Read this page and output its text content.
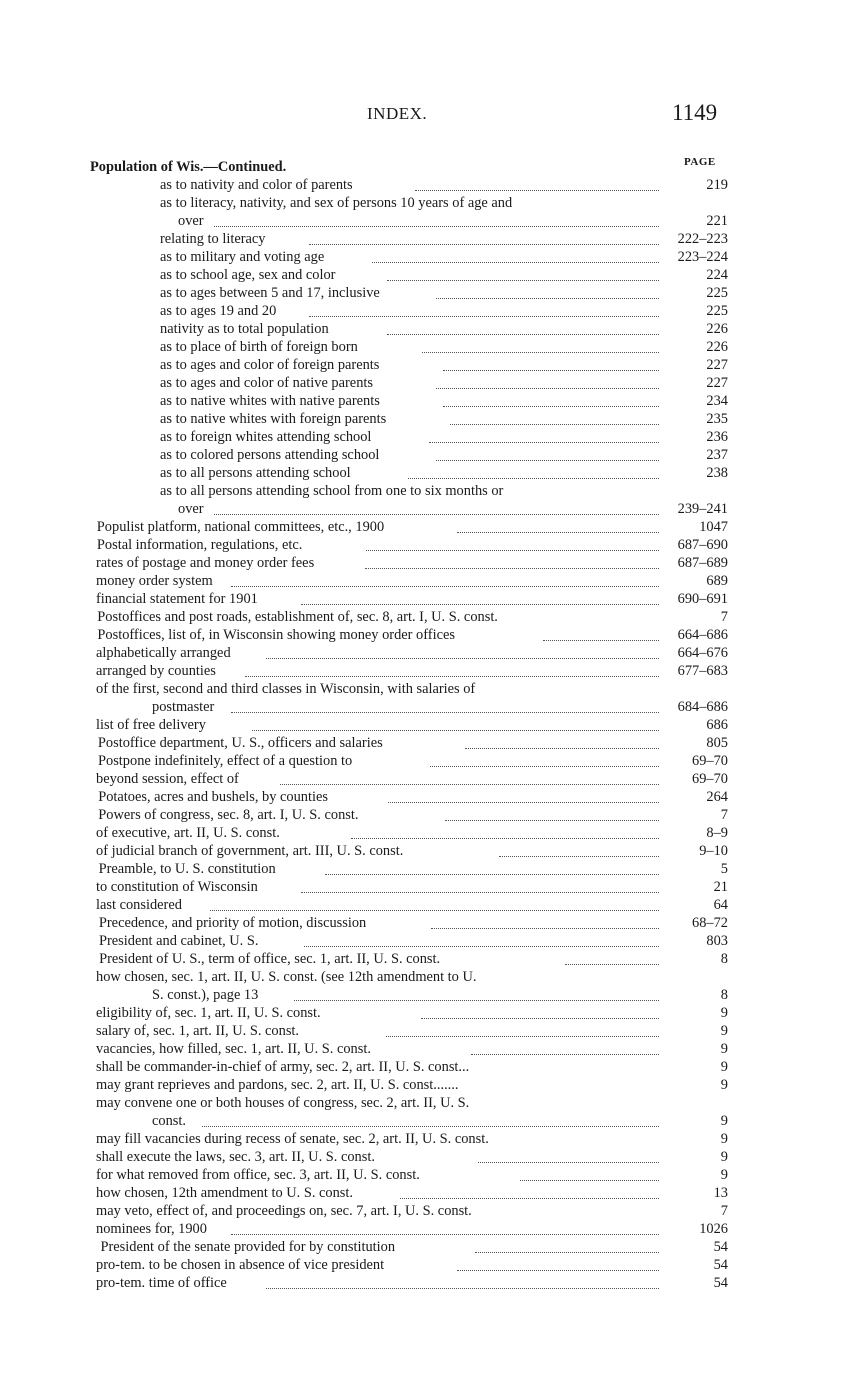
INDEX.	1149
PAGE
Population of Wis.—Continued.
as to nativity and color of parents	219
as to literacy, nativity, and sex of persons 10 years of age and
over	221
relating to literacy	222–223
as to military and voting age	223–224
as to school age, sex and color	224
as to ages between 5 and 17, inclusive	225
as to ages 19 and 20	225
nativity as to total population	226
as to place of birth of foreign born	226
as to ages and color of foreign parents	227
as to ages and color of native parents	227
as to native whites with native parents	234
as to native whites with foreign parents	235
as to foreign whites attending school	236
as to colored persons attending school	237
as to all persons attending school	238
as to all persons attending school from one to six months or
over	239–241
Populist platform, national committees, etc., 1900	1047
Postal information, regulations, etc.	687–690
rates of postage and money order fees	687–689
money order system	689
financial statement for 1901	690–691
Postoffices and post roads, establishment of, sec. 8, art. I, U. S. const.	7
Postoffices, list of, in Wisconsin showing money order offices	664–686
alphabetically arranged	664–676
arranged by counties	677–683
of the first, second and third classes in Wisconsin, with salaries of
postmaster	684–686
list of free delivery	686
Postoffice department, U. S., officers and salaries	805
Postpone indefinitely, effect of a question to	69–70
beyond session, effect of	69–70
Potatoes, acres and bushels, by counties	264
Powers of congress, sec. 8, art. I, U. S. const.	7
of executive, art. II, U. S. const.	8–9
of judicial branch of government, art. III, U. S. const.	9–10
Preamble, to U. S. constitution	5
to constitution of Wisconsin	21
last considered	64
Precedence, and priority of motion, discussion	68–72
President and cabinet, U. S.	803
President of U. S., term of office, sec. 1, art. II, U. S. const.	8
how chosen, sec. 1, art. II, U. S. const. (see 12th amendment to U.
S. const.), page 13	8
eligibility of, sec. 1, art. II, U. S. const.	9
salary of, sec. 1, art. II, U. S. const.	9
vacancies, how filled, sec. 1, art. II, U. S. const.	9
shall be commander-in-chief of army, sec. 2, art. II, U. S. const...	9
may grant reprieves and pardons, sec. 2, art. II, U. S. const.......	9
may convene one or both houses of congress, sec. 2, art. II, U. S.
const.	9
may fill vacancies during recess of senate, sec. 2, art. II, U. S. const.	9
shall execute the laws, sec. 3, art. II, U. S. const.	9
for what removed from office, sec. 3, art. II, U. S. const.	9
how chosen, 12th amendment to U. S. const.	13
may veto, effect of, and proceedings on, sec. 7, art. I, U. S. const.	7
nominees for, 1900	1026
President of the senate provided for by constitution	54
pro-tem. to be chosen in absence of vice president	54
pro-tem. time of office	54
